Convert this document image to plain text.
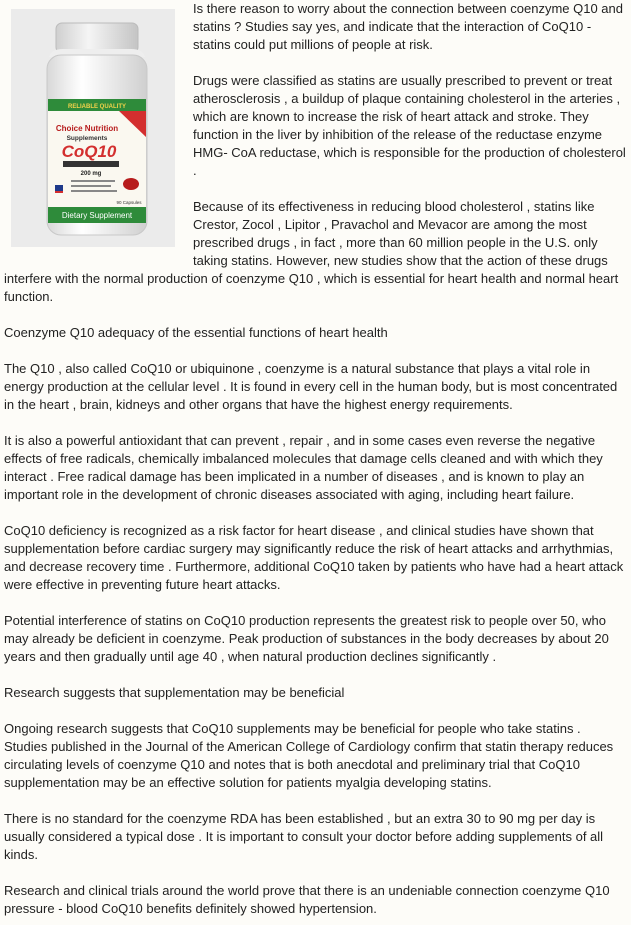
RELIABLE QUALITY
Choice Nutrition
Supplements
CoQ10
200 mg
Dietary Supplement
90 Capsules

Is there reason to worry about the connection between coenzyme Q10 and statins ? Studies say yes, and indicate that the interaction of CoQ10 - statins could put millions of people at risk.

Drugs were classified as statins are usually prescribed to prevent or treat atherosclerosis , a buildup of plaque containing cholesterol in the arteries , which are known to increase the risk of heart attack and stroke. They function in the liver by inhibition of the release of the reductase enzyme HMG- CoA reductase, which is responsible for the production of cholesterol .

Because of its effectiveness in reducing blood cholesterol , statins like Crestor, Zocol , Lipitor , Pravachol and Mevacor are among the most prescribed drugs , in fact , more than 60 million people in the U.S. only taking statins. However, new studies show that the action of these drugs interfere with the normal production of coenzyme Q10 , which is essential for heart health and normal heart function.

Coenzyme Q10 adequacy of the essential functions of heart health

The Q10 , also called CoQ10 or ubiquinone , coenzyme is a natural substance that plays a vital role in energy production at the cellular level . It is found in every cell in the human body, but is most concentrated in the heart , brain, kidneys and other organs that have the highest energy requirements.

It is also a powerful antioxidant that can prevent , repair , and in some cases even reverse the negative effects of free radicals, chemically imbalanced molecules that damage cells cleaned and with which they interact . Free radical damage has been implicated in a number of diseases , and is known to play an important role in the development of chronic diseases associated with aging, including heart failure.

CoQ10 deficiency is recognized as a risk factor for heart disease , and clinical studies have shown that supplementation before cardiac surgery may significantly reduce the risk of heart attacks and arrhythmias, and decrease recovery time . Furthermore, additional CoQ10 taken by patients who have had a heart attack were effective in preventing future heart attacks.

Potential interference of statins on CoQ10 production represents the greatest risk to people over 50, who may already be deficient in coenzyme. Peak production of substances in the body decreases by about 20 years and then gradually until age 40 , when natural production declines significantly .

Research suggests that supplementation may be beneficial

Ongoing research suggests that CoQ10 supplements may be beneficial for people who take statins . Studies published in the Journal of the American College of Cardiology confirm that statin therapy reduces circulating levels of coenzyme Q10 and notes that is both anecdotal and preliminary trial that CoQ10 supplementation may be an effective solution for patients myalgia developing statins.

There is no standard for the coenzyme RDA has been established , but an extra 30 to 90 mg per day is usually considered a typical dose . It is important to consult your doctor before adding supplements of all kinds.

Research and clinical trials around the world prove that there is an undeniable connection coenzyme Q10 pressure - blood CoQ10 benefits definitely showed hypertension.
